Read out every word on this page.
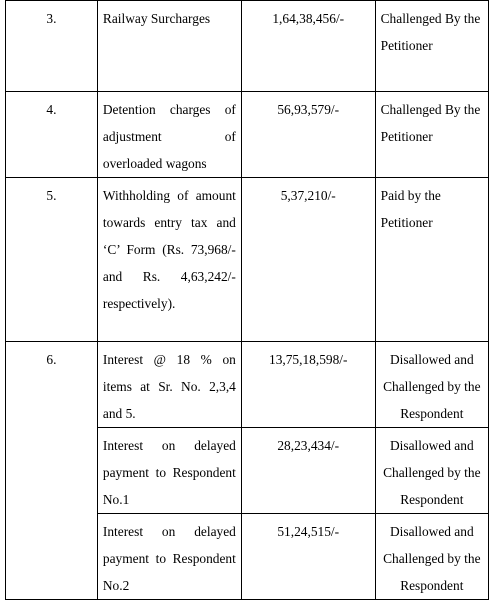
3.	Railway Surcharges	1,64,38,456/-	Challenged By the Petitioner
4.	Detention charges of adjustment of overloaded wagons	56,93,579/-	Challenged By the Petitioner
5.	Withholding of amount towards entry tax and ‘C’ Form (Rs. 73,968/- and Rs. 4,63,242/- respectively).	5,37,210/-	Paid by the Petitioner
6.	Interest @ 18 % on items at Sr. No. 2,3,4 and 5.	13,75,18,598/-	Disallowed and Challenged by the Respondent
	Interest on delayed payment to Respondent No.1	28,23,434/-	Disallowed and Challenged by the Respondent
	Interest on delayed payment to Respondent No.2	51,24,515/-	Disallowed and Challenged by the Respondent
